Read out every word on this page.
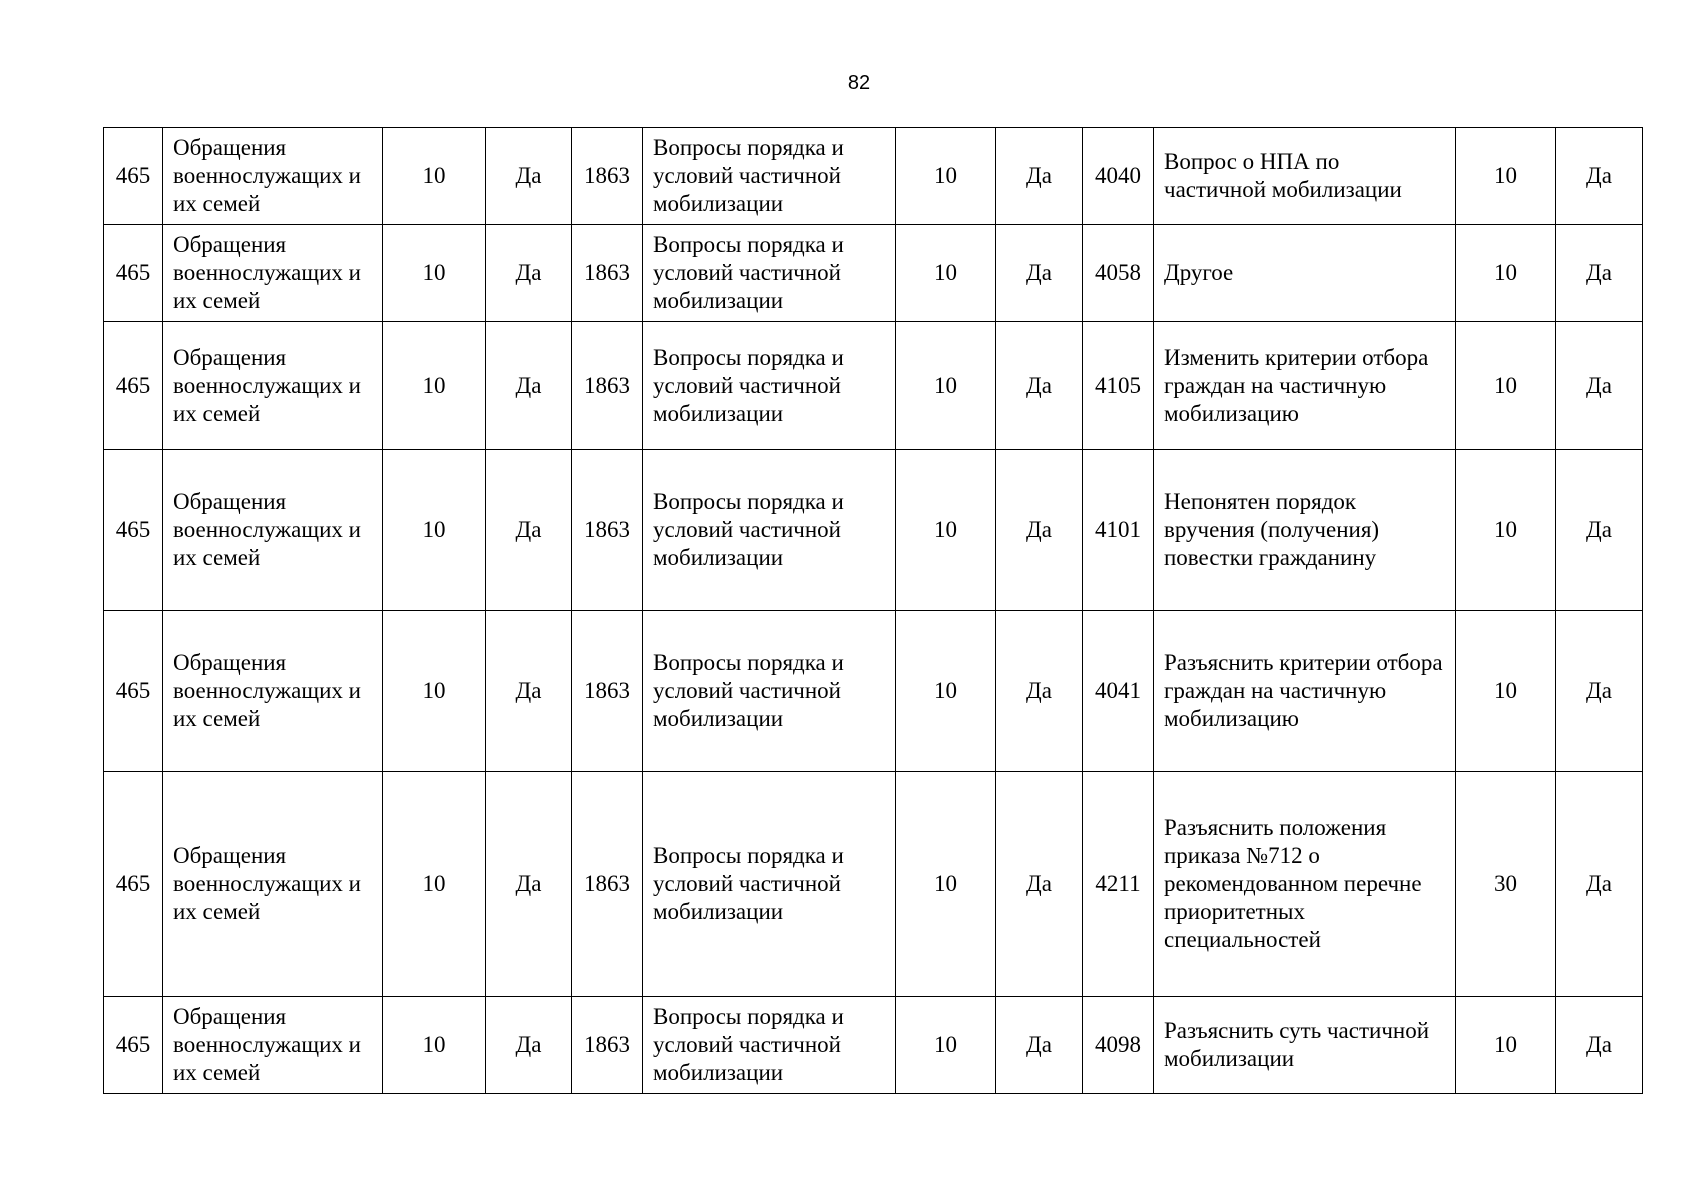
82
465	Обращения военнослужащих и их семей	10	Да	1863	Вопросы порядка и условий частичной мобилизации	10	Да	4040	Вопрос о НПА по частичной мобилизации	10	Да
465	Обращения военнослужащих и их семей	10	Да	1863	Вопросы порядка и условий частичной мобилизации	10	Да	4058	Другое	10	Да
465	Обращения военнослужащих и их семей	10	Да	1863	Вопросы порядка и условий частичной мобилизации	10	Да	4105	Изменить критерии отбора граждан на частичную мобилизацию	10	Да
465	Обращения военнослужащих и их семей	10	Да	1863	Вопросы порядка и условий частичной мобилизации	10	Да	4101	Непонятен порядок вручения (получения) повестки гражданину	10	Да
465	Обращения военнослужащих и их семей	10	Да	1863	Вопросы порядка и условий частичной мобилизации	10	Да	4041	Разъяснить критерии отбора граждан на частичную мобилизацию	10	Да
465	Обращения военнослужащих и их семей	10	Да	1863	Вопросы порядка и условий частичной мобилизации	10	Да	4211	Разъяснить положения приказа №712 о рекомендованном перечне приоритетных специальностей	30	Да
465	Обращения военнослужащих и их семей	10	Да	1863	Вопросы порядка и условий частичной мобилизации	10	Да	4098	Разъяснить суть частичной мобилизации	10	Да
